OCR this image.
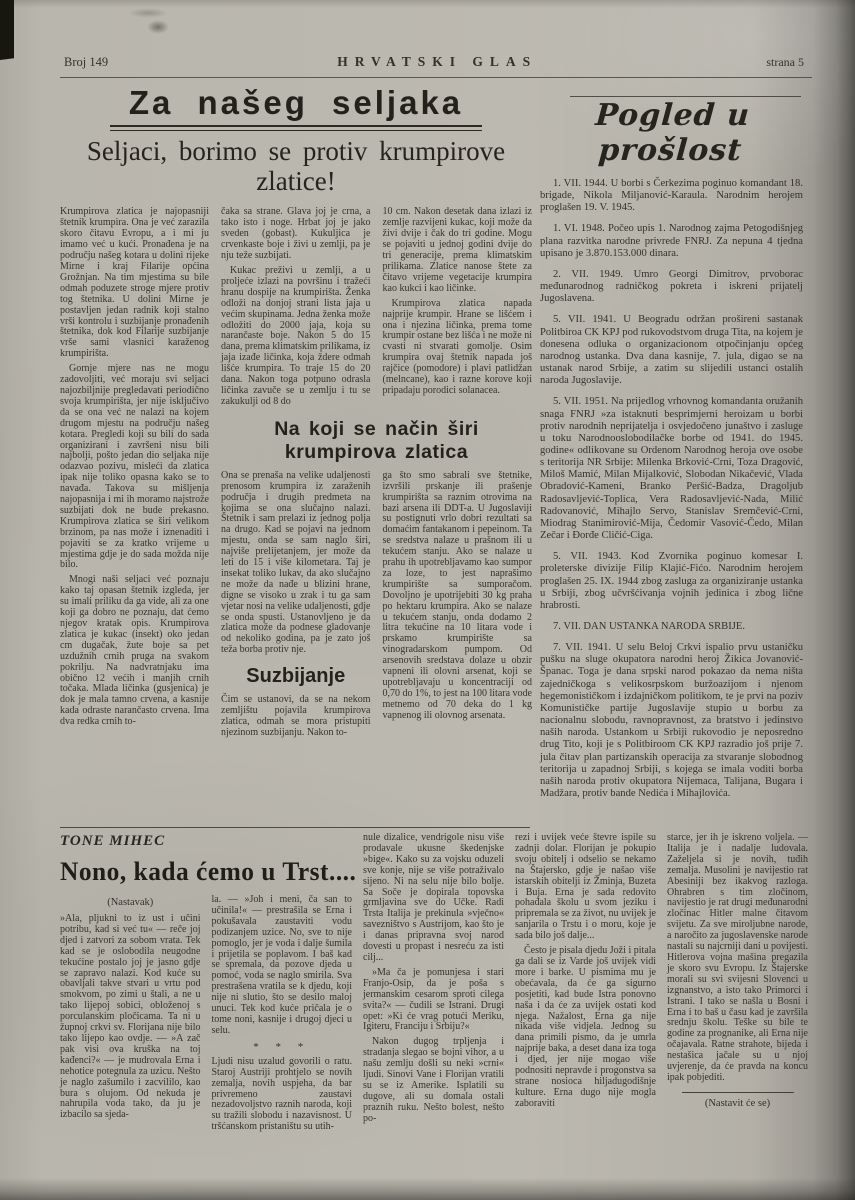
Broj 149	HRVATSKI GLAS	strana 5
Za našeg seljaka
Seljaci, borimo se protiv krumpirove zlatice!

Krumpirova zlatica je najopasniji štetnik krumpira. Ona je već zarazila skoro čitavu Evropu, a i mi ju imamo već u kući. Pronađena je na području našeg kotara u dolini rijeke Mirne i kraj Filarije općina Grožnjan. Na tim mjestima su bile odmah poduzete stroge mjere protiv tog štetnika. U dolini Mirne je postavljen jedan radnik koji stalno vrši kontrolu i suzbijanje pronađenih štetnika, dok kod Filarije suzbijanje vrše sami vlasnici karaženog krumpirišta.

Gornje mjere nas ne mogu zadovoljiti, već moraju svi seljaci najozbiljnije pregledavati periodično svoja krumpirišta, jer nije isključivo da se ona već ne nalazi na kojem drugom mjestu na području našeg kotara. Pregledi koji su bili do sada organizirani i završeni nisu bili najbolji, pošto jedan dio seljaka nije odazvao pozivu, misleći da zlatica ipak nije toliko opasna kako se to navađa. Takova su mišljenja najopasnija i mi ih moramo najstrože suzbijati dok ne bude prekasno. Krumpirova zlatica se širi velikom brzinom, pa nas može i iznenaditi i pojaviti se za kratko vrijeme u mjestima gdje je do sada možda nije bilo.

Mnogi naši seljaci već poznaju kako taj opasan štetnik izgleda, jer su imali priliku da ga vide, ali za one koji ga dobro ne poznaju, dat ćemo njegov kratak opis. Krumpirova zlatica je kukac (insekt) oko jedan cm dugačak, žute boje sa pet uzdužnih crnih pruga na svakom pokrilju. Na nadvratnjaku ima obično 12 većih i manjih crnih točaka. Mlada ličinka (gusjenica) je dok je mala tamno crvena, a kasnije kada odraste narančasto crvena. Ima dva redka crnih to-

čaka sa strane. Glava joj je crna, a tako isto i noge. Hrbat joj je jako sveden (gobast). Kukuljica je crvenkaste boje i živi u zemlji, pa je nju teže suzbijati.

Kukac preživi u zemlji, a u proljeće izlazi na površinu i tražeći hranu dospije na krumpirišta. Ženka odloži na donjoj strani lista jaja u većim skupinama. Jedna ženka može odložiti do 2000 jaja, koja su narančaste boje. Nakon 5 do 15 dana, prema klimatskim prilikama, iz jaja izađe ličinka, koja ždere odmah lišće krumpira. To traje 15 do 20 dana. Nakon toga potpuno odrasla ličinka zavuče se u zemlju i tu se zakukulji od 8 do

10 cm. Nakon desetak dana izlazi iz zemlje razvijeni kukac, koji može da živi dvije i čak do tri godine. Mogu se pojaviti u jednoj godini dvije do tri generacije, prema klimatskim prilikama. Zlatice nanose štete za čitavo vrijeme vegetacije krumpira kao kukci i kao ličinke.

Krumpirova zlatica napada najprije krumpir. Hrane se lišćem i ona i njezina ličinka, prema tome krumpir ostane bez lišća i ne može ni cvasti ni stvarati gomolje. Osim krumpira ovaj štetnik napada još rajčice (pomodore) i plavi patlidžan (melncane), kao i razne korove koji pripadaju porodici solanacea.

Na koji se način širi krumpirova zlatica

Ona se prenaša na velike udaljenosti prenosom krumpira iz zaraženih područja i drugih predmeta na kojima se ona slučajno nalazi. Štetnik i sam prelazi iz jednog polja na drugo. Kad se pojavi na jednom mjestu, onda se sam naglo širi, najviše prelijetanjem, jer može da leti do 15 i više kilometara. Taj je insekat toliko lukav, da ako slučajno ne može da nađe u blizini hrane, digne se visoko u zrak i tu ga sam vjetar nosi na velike udaljenosti, gdje se onda spusti. Ustanovljeno je da zlatica može da podnese gladovanje od nekoliko godina, pa je zato još teža borba protiv nje.

Suzbijanje

Čim se ustanovi, da se na nekom zemljištu pojavila krumpirova zlatica, odmah se mora pristupiti njezinom suzbijanju. Nakon to-

ga što smo sabrali sve štetnike, izvršili prskanje ili prašenje krumpirišta sa raznim otrovima na bazi arsena ili DDT-a. U Jugoslaviji su postignuti vrlo dobri rezultati sa domaćim fantakanom i pepeinom. Ta se sredstva nalaze u prašnom ili u tekućem stanju. Ako se nalaze u prahu ih upotrebljavamo kao sumpor za loze, to jest naprašimo krumpirište sa sumporačom. Dovoljno je upotrijebiti 30 kg praha po hektaru krumpira. Ako se nalaze u tekućem stanju, onda dodamo 2 litra tekućine na 10 litara vode i prskamo krumpirište sa vinogradarskom pumpom. Od arsenovih sredstava dolaze u obzir vapneni ili olovni arsenat, koji se upotrebljavaju u koncentraciji od 0,70 do 1%, to jest na 100 litara vode metnemo od 70 deka do 1 kg vapnenog ili olovnog arsenata.

Pogled u prošlost

1. VII. 1944. U borbi s Čerkezima poginuo komandant 18. brigade, Nikola Miljanović-Karaula. Narodnim herojem proglašen 19. V. 1945.

1. VI. 1948. Počeo upis 1. Narodnog zajma Petogodišnjeg plana razvitka narodne privrede FNRJ. Za nepuna 4 tjedna upisano je 3.870.153.000 dinara.

2. VII. 1949. Umro Georgi Dimitrov, prvoborac međunarodnog radničkog pokreta i iskreni prijatelj Jugoslavena.

5. VII. 1941. U Beogradu održan prošireni sastanak Politbiroa CK KPJ pod rukovodstvom druga Tita, na kojem je donesena odluka o organizacionom otpočinjanju općeg narodnog ustanka. Dva dana kasnije, 7. jula, digao se na ustanak narod Srbije, a zatim su slijedili ustanci ostalih naroda Jugoslavije.

5. VII. 1951. Na prijedlog vrhovnog komandanta oružanih snaga FNRJ »za istaknuti besprimjerni heroizam u borbi protiv narodnih neprijatelja i osvjedočeno junaštvo i zasluge u toku Narodnooslobodilačke borbe od 1941. do 1945. godine« odlikovane su Ordenom Narodnog heroja ove osobe s teritorija NR Srbije: Milenka Brković-Crni, Toza Dragović, Miloš Mamić, Milan Mijalković, Slobodan Nikačević, Vlada Obradović-Kameni, Branko Peršić-Badza, Dragoljub Radosavljević-Toplica, Vera Radosavljević-Nada, Milić Radovanović, Mihajlo Servo, Stanislav Sremčević-Crni, Miodrag Stanimirović-Mija, Čedomir Vasović-Čedo, Milan Zečar i Đorđe Cličić-Ciga.

5. VII. 1943. Kod Zvornika poginuo komesar I. proleterske divizije Filip Klajić-Fićo. Narodnim herojem proglašen 25. IX. 1944 zbog zasluga za organiziranje ustanka u Srbiji, zbog učvršćivanja vojnih jedinica i zbog lične hrabrosti.

7. VII. DAN USTANKA NARODA SRBIJE.

7. VII. 1941. U selu Beloj Crkvi ispalio prvu ustaničku pušku na sluge okupatora narodni heroj Žikica Jovanović-Španac. Toga je dana srpski narod pokazao da nema ništa zajedničkoga s velikosrpskom buržoazijom i njenom hegemonističkom i izdajničkom politikom, te je prvi na poziv Komunističke partije Jugoslavije stupio u borbu za nacionalnu slobodu, ravnopravnost, za bratstvo i jedinstvo naših naroda. Ustankom u Srbiji rukovodio je neposredno drug Tito, koji je s Politbiroom CK KPJ razradio još prije 7. jula čitav plan partizanskih operacija za stvaranje slobodnog teritorija u zapadnoj Srbiji, s kojega se imala voditi borba naših naroda protiv okupatora Nijemaca, Talijana, Bugara i Madžara, protiv bande Nedića i Mihajlovića.

TONE MIHEC
Nono, kada ćemo u Trst....
(Nastavak)

»Ala, pljukni to iz ust i učini potribu, kad si već tu« — reče joj djed i zatvori za sobom vrata. Tek kad se je oslobodila neugodne tekućine postalo joj je jasno gdje se zapravo nalazi. Kod kuće su obavljali takve stvari u vrtu pod smokvom, po zimi u štali, a ne u tako lijepoj sobici, obloženoj s porculanskim pločicama. Ta ni u župnoj crkvi sv. Florijana nije bilo tako lijepo kao ovdje. — »A zač pak visi ova kruška na toj kađenci?« — je mudrovala Erna i nehotice potegnula za uzicu. Nešto je naglo zašumilo i zacvililo, kao bura s olujom. Od nekuda je nahrupila voda tako, da ju je izbacilo sa sjeda-

la. — »Joh i meni, ča san to učinila!« — prestrašila se Erna i pokušavala zaustaviti vodu podizanjem uzice. No, sve to nije pomoglo, jer je voda i dalje šumila i prijetila se poplavom. I baš kad se spremala, da pozove djeda u pomoć, voda se naglo smirila. Sva prestrašena vratila se k djedu, koji nije ni slutio, što se desilo maloj unuci. Tek kod kuće pričala je o tome noni, kasnije i drugoj djeci u selu.

* * *

Ljudi nisu uzalud govorili o ratu. Staroj Austriji prohtjelo se novih zemalja, novih uspjeha, da bar privremeno zaustavi nezadovoljstvo raznih naroda, koji su tražili slobodu i nazavisnost. U tršćanskom pristaništu su utih-

nule dizalice, vendrigole nisu više prodavale ukusne škedenjske »bige«. Kako su za vojsku oduzeli sve konje, nije se više potraživalo sijeno. Ni na selu nije bilo bolje. Sa Soče je dopirala topovska grmljavina sve do Učke. Radi Trsta Italija je prekinula »vječno« savezništvo s Austrijom, kao što je i danas pripravna svoj narod dovesti u propast i nesreću za isti cilj...

»Ma ča je pomunjesa i stari Franjo-Osip, da je poša s jermanskim cesarom sproti cilega svita?« — čudili se Istrani. Drugi opet: »Ki će vrag potući Meriku, Igiteru, Franciju i Srbiju?«

Nakon dugog trpljenja i stradanja slegao se bojni vihor, a u našu zemlju došli su neki »crni« ljudi. Sinovi Vane i Florijan vratili su se iz Amerike. Isplatili su dugove, ali su domala ostali praznih ruku. Nešto bolest, nešto po-

rezi i uvijek veće števre ispile su zadnji dolar. Florijan je pokupio svoju obitelj i odselio se nekamo na Štajersko, gdje je našao više istarskih obitelji iz Žminja, Buzeta i Buja. Erna je sada redovito pohađala školu u svom jeziku i pripremala se za život, nu uvijek je sanjarila o Trstu i o moru, koje je sada bilo još dalje...

Često je pisala djedu Joži i pitala ga dali se iz Varde još uvijek vidi more i barke. U pismima mu je obećavala, da će ga sigurno posjetiti, kad bude Istra ponovno naša i da će za uvijek ostati kod njega. Nažalost, Erna ga nije nikada više vidjela. Jednog su dana primili pismo, da je umrla najprije baka, a deset dana iza toga i djed, jer nije mogao više podnositi nepravde i progonstva sa strane nosioca hiljadugodišnje kulture. Erna dugo nije mogla zaboraviti

starce, jer ih je iskreno voljela. — Italija je i nadalje ludovala. Zaželjela si je novih, tuđih zemalja. Musolini je navijestio rat Abesiniji bez ikakvog razloga. Ohrabren s tim zločinom, navijestio je rat drugi međunarodni zločinac Hitler malne čitavom svijetu. Za sve miroljubne narode, a naročito za jugoslavenske narode nastali su najcrniji dani u povijesti. Hitlerova vojna mašina pregazila je skoro svu Evropu. Iz Štajerske morali su svi svijesni Slovenci u izgnanstvo, a isto tako Primorci i Istrani. I tako se našla u Bosni i Erna i to baš u času kad je završila srednju školu. Teške su bile te godine za prognanike, ali Erna nije očajavala. Ratne strahote, bijeda i nestašica jačale su u njoj uvjerenje, da će pravda na koncu ipak pobjediti.

(Nastavit će se)
